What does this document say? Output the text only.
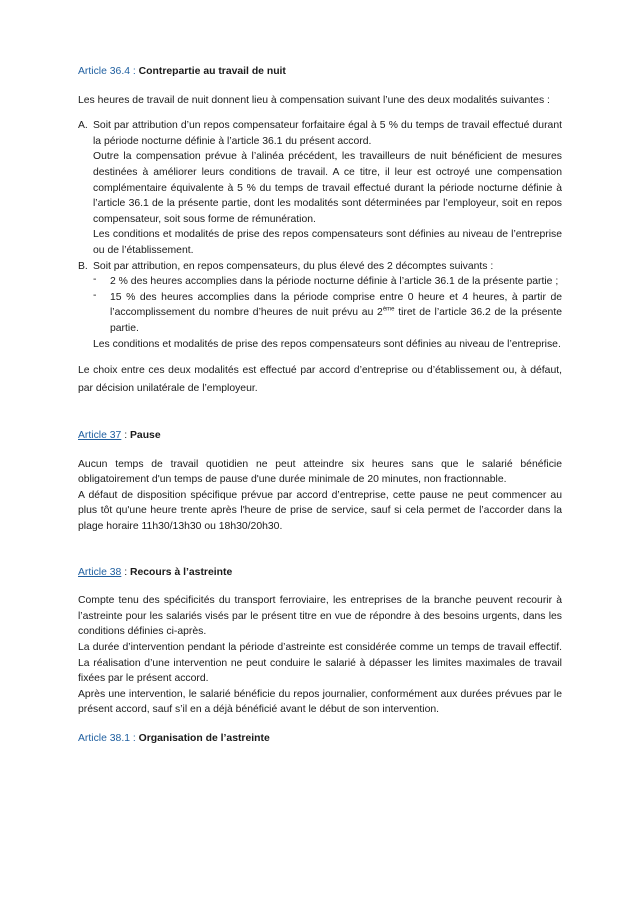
Article 36.4 : Contrepartie au travail de nuit

Les heures de travail de nuit donnent lieu à compensation suivant l’une des deux modalités suivantes :

A. Soit par attribution d’un repos compensateur forfaitaire égal à 5 % du temps de travail effectué durant la période nocturne définie à l’article 36.1 du présent accord.

Outre la compensation prévue à l’alinéa précédent, les travailleurs de nuit bénéficient de mesures destinées à améliorer leurs conditions de travail. A ce titre, il leur est octroyé une compensation complémentaire équivalente à 5 % du temps de travail effectué durant la période nocturne définie à l’article 36.1 de la présente partie, dont les modalités sont déterminées par l’employeur, soit en repos compensateur, soit sous forme de rémunération.

Les conditions et modalités de prise des repos compensateurs sont définies au niveau de l’entreprise ou de l’établissement.

B. Soit par attribution, en repos compensateurs, du plus élevé des 2 décomptes suivants :

- 2 % des heures accomplies dans la période nocturne définie à l’article 36.1 de la présente partie ;
- 15 % des heures accomplies dans la période comprise entre 0 heure et 4 heures, à partir de l’accomplissement du nombre d’heures de nuit prévu au 2ème tiret de l’article 36.2 de la présente partie.

Les conditions et modalités de prise des repos compensateurs sont définies au niveau de l’entreprise.

Le choix entre ces deux modalités est effectué par accord d’entreprise ou d’établissement ou, à défaut, par décision unilatérale de l’employeur.

Article 37 : Pause

Aucun temps de travail quotidien ne peut atteindre six heures sans que le salarié bénéficie obligatoirement d'un temps de pause d'une durée minimale de 20 minutes, non fractionnable.

A défaut de disposition spécifique prévue par accord d’entreprise, cette pause ne peut commencer au plus tôt qu'une heure trente après l'heure de prise de service, sauf si cela permet de l’accorder dans la plage horaire 11h30/13h30 ou 18h30/20h30.

Article 38 : Recours à l’astreinte

Compte tenu des spécificités du transport ferroviaire, les entreprises de la branche peuvent recourir à l’astreinte pour les salariés visés par le présent titre en vue de répondre à des besoins urgents, dans les conditions définies ci-après.

La durée d’intervention pendant la période d’astreinte est considérée comme un temps de travail effectif. La réalisation d’une intervention ne peut conduire le salarié à dépasser les limites maximales de travail fixées par le présent accord.

Après une intervention, le salarié bénéficie du repos journalier, conformément aux durées prévues par le présent accord, sauf s’il en a déjà bénéficié avant le début de son intervention.

Article 38.1 : Organisation de l’astreinte
